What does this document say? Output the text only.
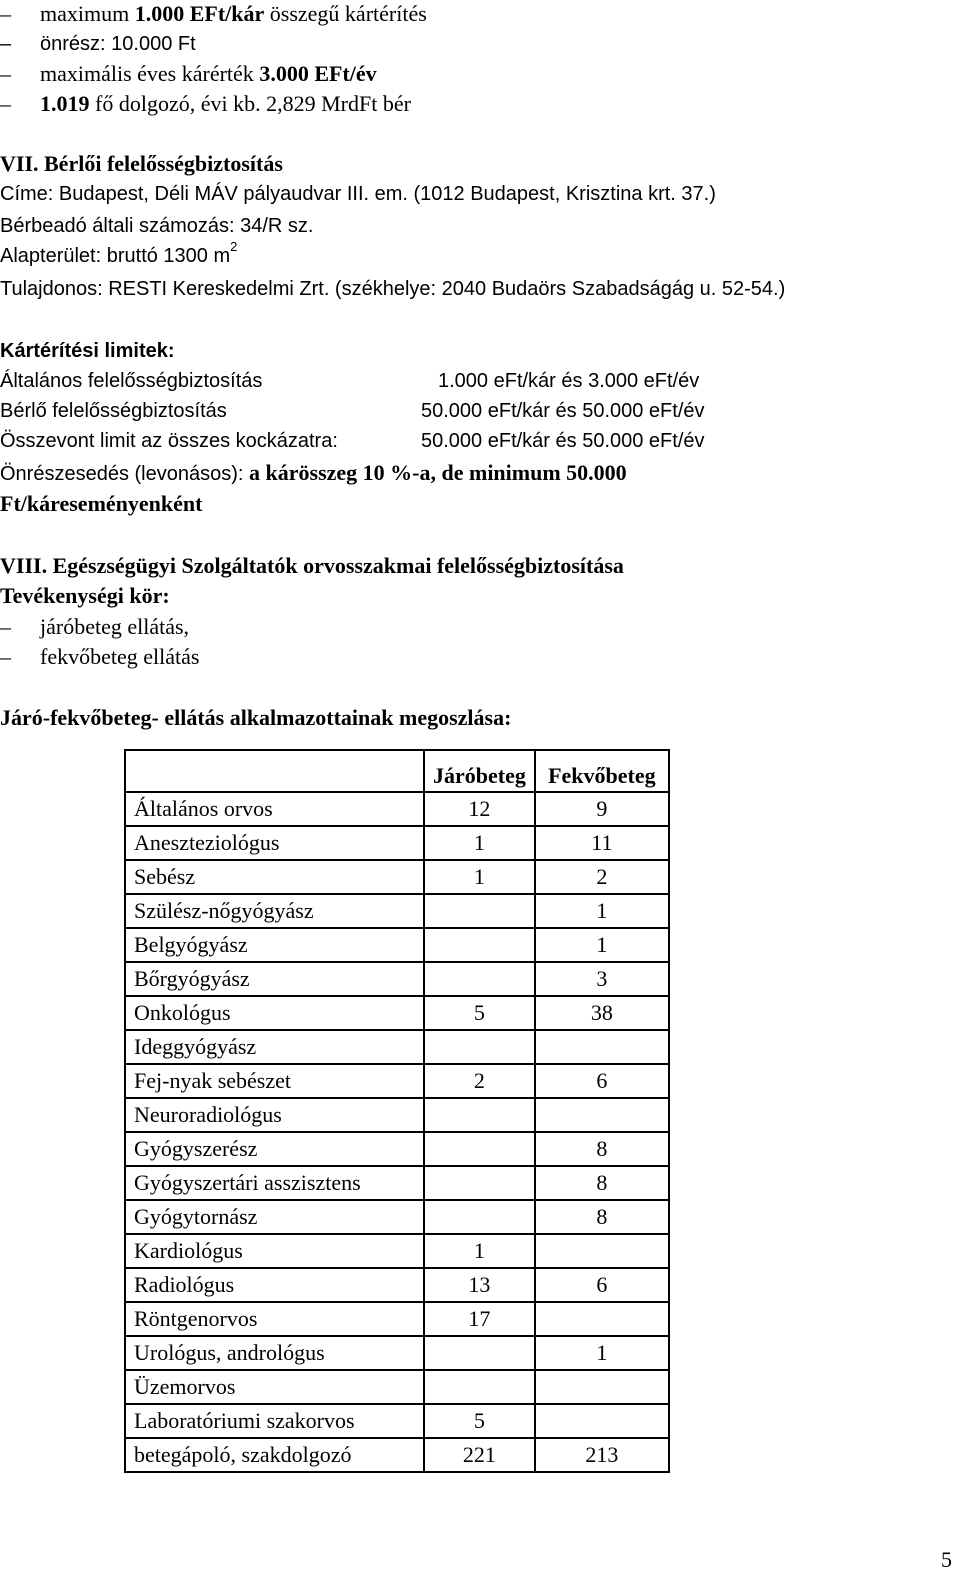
–
maximum 1.000 EFt/kár összegű kártérítés
–
önrész: 10.000 Ft
–
maximális éves kárérték 3.000 EFt/év
–
1.019 fő dolgozó, évi kb. 2,829 MrdFt bér
VII. Bérlői felelősségbiztosítás
Címe: Budapest, Déli MÁV pályaudvar III. em. (1012 Budapest, Krisztina krt. 37.)
Bérbeadó általi számozás: 34/R sz.
Alapterület: bruttó 1300 $m^2$
Tulajdonos: RESTI Kereskedelmi Zrt. (székhelye: 2040 Budaörs Szabadságág u. 52-54.)
Kártérítési limitek:
Általános felelősségbiztosítás	1.000 eFt/kár és 3.000 eFt/év
Bérlő felelősségbiztosítás	50.000 eFt/kár és 50.000 eFt/év
Összevont limit az összes kockázatra:	50.000 eFt/kár és 50.000 eFt/év
Önrészesedés (levonásos): a kárösszeg 10 %-a, de minimum 50.000
Ft/káreseményenként
VIII. Egészségügyi Szolgáltatók orvosszakmai felelősségbiztosítása
Tevékenységi kör:
–
járóbeteg ellátás,
–
fekvőbeteg ellátás
Járó-fekvőbeteg- ellátás alkalmazottainak megoszlása:
	Járóbeteg	Fekvőbeteg
Általános orvos	12	9
Aneszteziológus	1	11
Sebész	1	2
Szülész-nőgyógyász		1
Belgyógyász		1
Bőrgyógyász		3
Onkológus	5	38
Ideggyógyász		
Fej-nyak sebészet	2	6
Neuroradiológus		
Gyógyszerész		8
Gyógyszertári asszisztens		8
Gyógytornász		8
Kardiológus	1	
Radiológus	13	6
Röntgenorvos	17	
Urológus, andrológus		1
Üzemorvos		
Laboratóriumi szakorvos	5	
betegápoló, szakdolgozó	221	213
5
